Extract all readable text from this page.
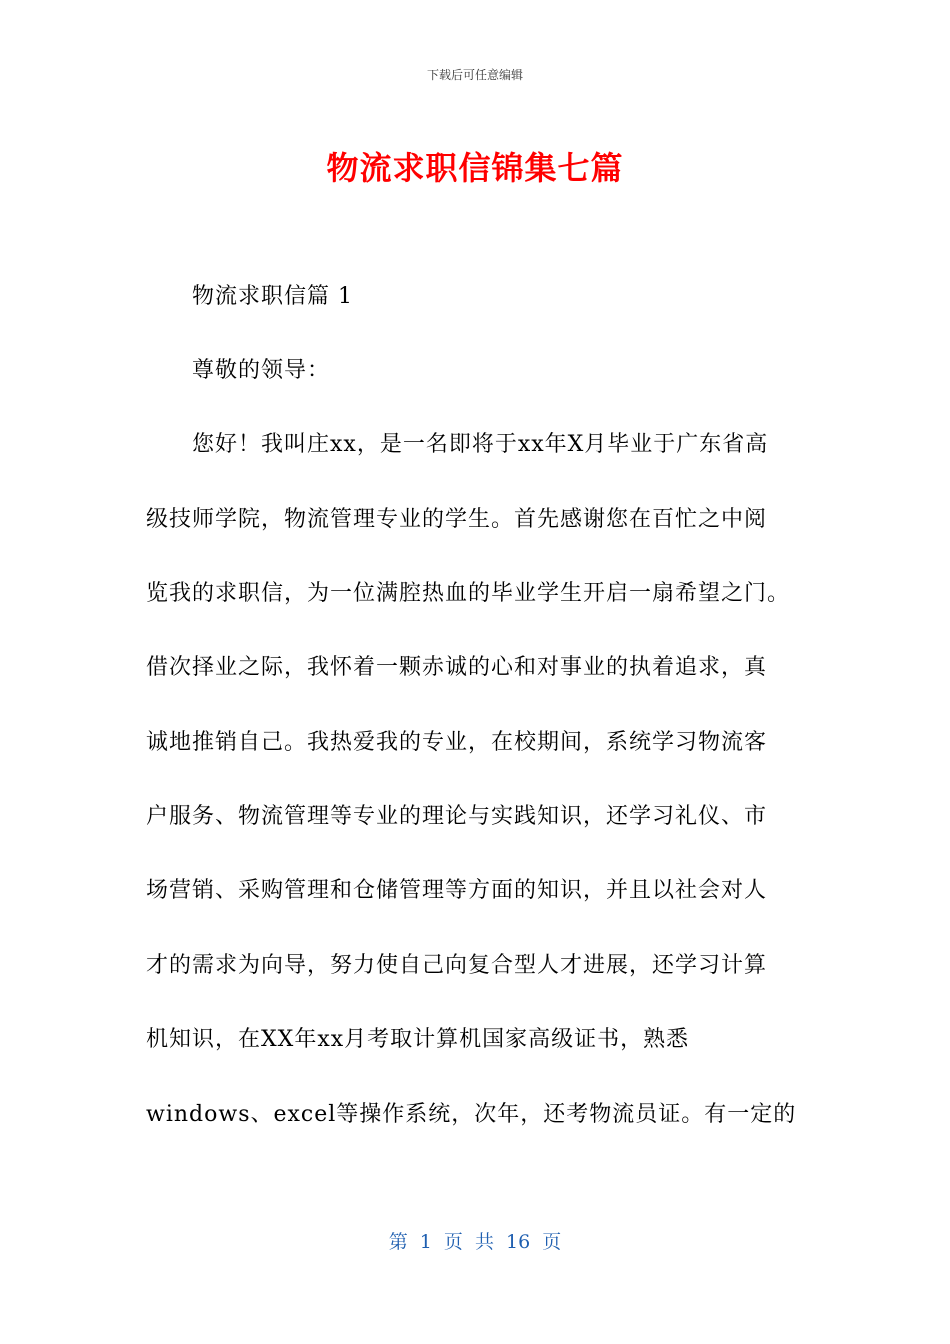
下载后可任意编辑
物流求职信锦集七篇
物流求职信篇 1
尊敬的领导：
您好！我叫庄xx，是一名即将于xx年X月毕业于广东省高
级技师学院，物流管理专业的学生。首先感谢您在百忙之中阅
览我的求职信，为一位满腔热血的毕业学生开启一扇希望之门。
借次择业之际，我怀着一颗赤诚的心和对事业的执着追求，真
诚地推销自己。我热爱我的专业，在校期间，系统学习物流客
户服务、物流管理等专业的理论与实践知识，还学习礼仪、市
场营销、采购管理和仓储管理等方面的知识，并且以社会对人
才的需求为向导，努力使自己向复合型人才进展，还学习计算
机知识，在XX年xx月考取计算机国家高级证书，熟悉
windows、excel等操作系统，次年，还考物流员证。有一定的
第 1 页 共 16 页
